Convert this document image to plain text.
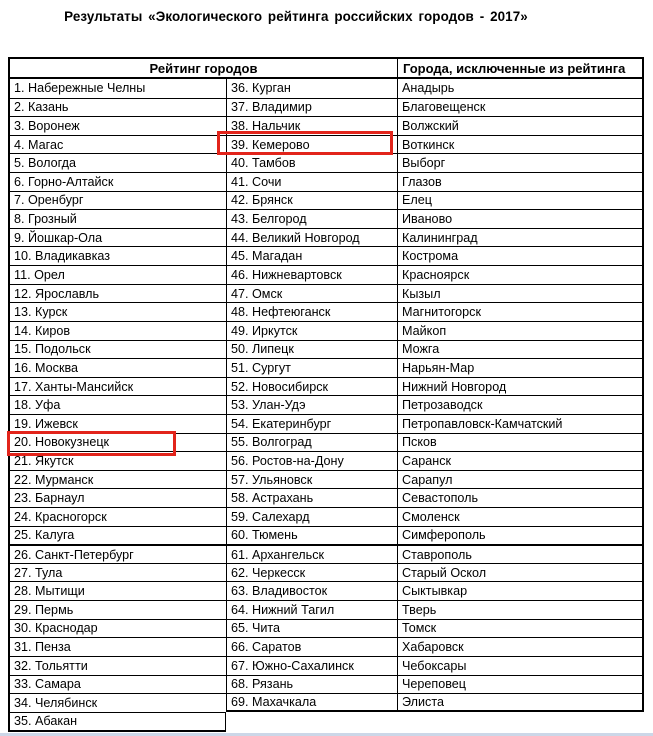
Результаты «Экологического рейтинга российских городов - 2017»
Рейтинг городов	Города, исключенные из рейтинга
1. Набережные Челны	36. Курган	Анадырь
2. Казань	37. Владимир	Благовещенск
3. Воронеж	38. Нальчик	Волжский
4. Магас	39. Кемерово	Воткинск
5. Вологда	40. Тамбов	Выборг
6. Горно-Алтайск	41. Сочи	Глазов
7. Оренбург	42. Брянск	Елец
8. Грозный	43. Белгород	Иваново
9. Йошкар-Ола	44. Великий Новгород	Калининград
10. Владикавказ	45. Магадан	Кострома
11. Орел	46. Нижневартовск	Красноярск
12. Ярославль	47. Омск	Кызыл
13. Курск	48. Нефтеюганск	Магнитогорск
14. Киров	49. Иркутск	Майкоп
15. Подольск	50. Липецк	Можга
16. Москва	51. Сургут	Нарьян-Мар
17. Ханты-Мансийск	52. Новосибирск	Нижний Новгород
18. Уфа	53. Улан-Удэ	Петрозаводск
19. Ижевск	54. Екатеринбург	Петропавловск-Камчатский
20. Новокузнецк	55. Волгоград	Псков
21. Якутск	56. Ростов-на-Дону	Саранск
22. Мурманск	57. Ульяновск	Сарапул
23. Барнаул	58. Астрахань	Севастополь
24. Красногорск	59. Салехард	Смоленск
25. Калуга	60. Тюмень	Симферополь
26. Санкт-Петербург	61. Архангельск	Ставрополь
27. Тула	62. Черкесск	Старый Оскол
28. Мытищи	63. Владивосток	Сыктывкар
29. Пермь	64. Нижний Тагил	Тверь
30. Краснодар	65. Чита	Томск
31. Пенза	66. Саратов	Хабаровск
32. Тольятти	67. Южно-Сахалинск	Чебоксары
33. Самара	68. Рязань	Череповец
34. Челябинск	69. Махачкала	Элиста
35. Абакан
